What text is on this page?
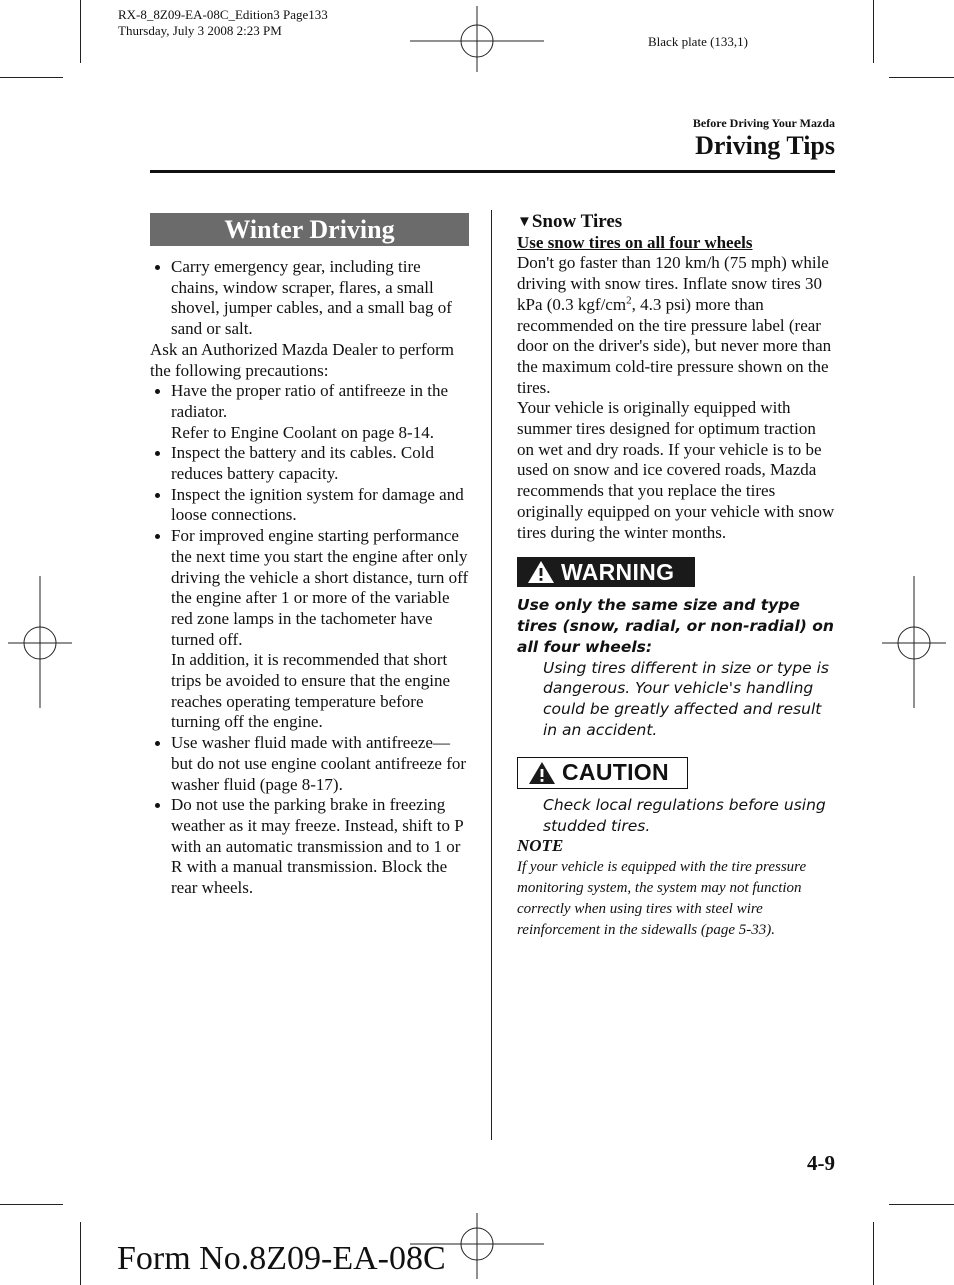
RX-8_8Z09-EA-08C_Edition3 Page133
Thursday, July 3 2008 2:23 PM
Black plate (133,1)
Before Driving Your Mazda
Driving Tips
Winter Driving

Carry emergency gear, including tire chains, window scraper, flares, a small shovel, jumper cables, and a small bag of sand or salt.

Ask an Authorized Mazda Dealer to perform the following precautions:

Have the proper ratio of antifreeze in the radiator.

Refer to Engine Coolant on page 8-14.

Inspect the battery and its cables. Cold reduces battery capacity.

Inspect the ignition system for damage and loose connections.

For improved engine starting performance the next time you start the engine after only driving the vehicle a short distance, turn off the engine after 1 or more of the variable red zone lamps in the tachometer have turned off.

In addition, it is recommended that short trips be avoided to ensure that the engine reaches operating temperature before turning off the engine.

Use washer fluid made with antifreeze—but do not use engine coolant antifreeze for washer fluid (page 8-17).

Do not use the parking brake in freezing weather as it may freeze. Instead, shift to P with an automatic transmission and to 1 or R with a manual transmission. Block the rear wheels.

▼Snow Tires

Use snow tires on all four wheels

Don't go faster than 120 km/h (75 mph) while driving with snow tires. Inflate snow tires 30 kPa (0.3 kgf/$cm^2$, 4.3 psi) more than recommended on the tire pressure label (rear door on the driver's side), but never more than the maximum cold-tire pressure shown on the tires.

Your vehicle is originally equipped with summer tires designed for optimum traction on wet and dry roads. If your vehicle is to be used on snow and ice covered roads, Mazda recommends that you replace the tires originally equipped on your vehicle with snow tires during the winter months.

WARNING

Use only the same size and type tires (snow, radial, or non-radial) on all four wheels:

Using tires different in size or type is dangerous. Your vehicle's handling could be greatly affected and result in an accident.

CAUTION

Check local regulations before using studded tires.

NOTE

If your vehicle is equipped with the tire pressure monitoring system, the system may not function correctly when using tires with steel wire reinforcement in the sidewalls (page 5-33).

4-9
Form No.8Z09-EA-08C
